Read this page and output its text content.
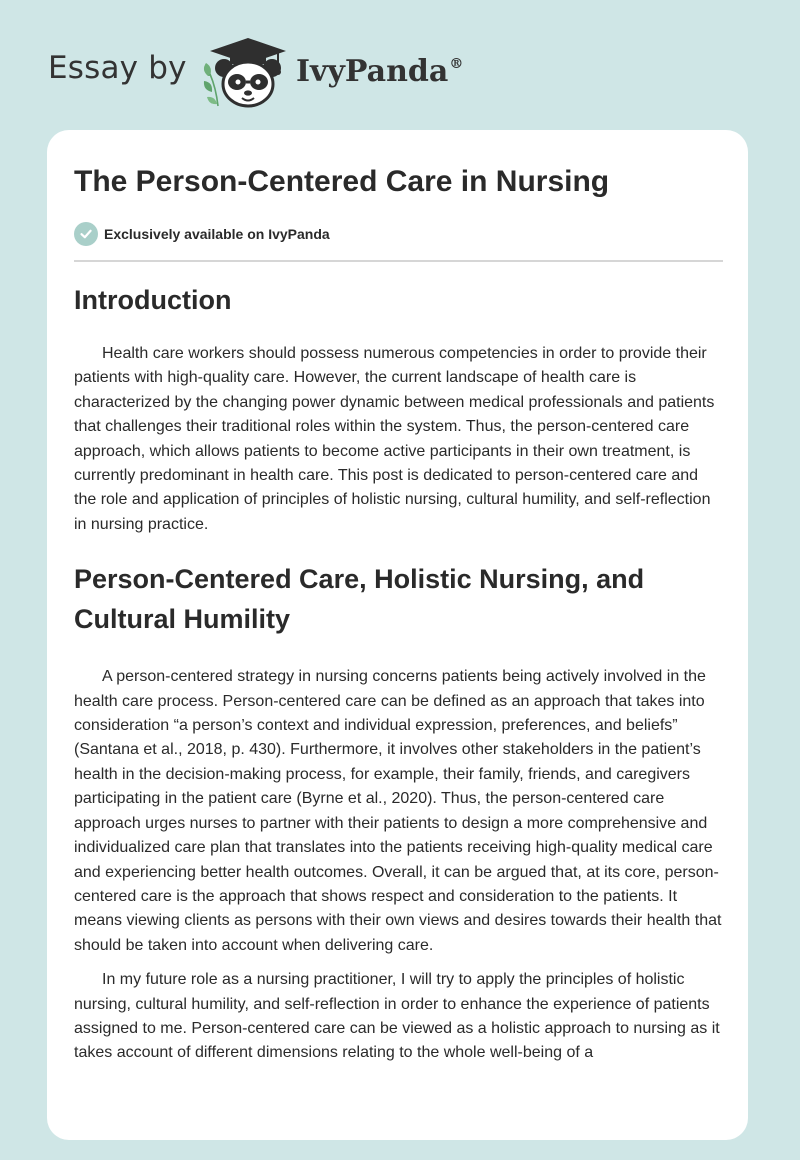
Essay by	IvyPanda®
The Person-Centered Care in Nursing
Exclusively available on IvyPanda
Introduction

Health care workers should possess numerous competencies in order to provide their patients with high-quality care. However, the current landscape of health care is characterized by the changing power dynamic between medical professionals and patients that challenges their traditional roles within the system. Thus, the person-centered care approach, which allows patients to become active participants in their own treatment, is currently predominant in health care. This post is dedicated to person-centered care and the role and application of principles of holistic nursing, cultural humility, and self-reflection in nursing practice.

Person-Centered Care, Holistic Nursing, and Cultural Humility

A person-centered strategy in nursing concerns patients being actively involved in the health care process. Person-centered care can be defined as an approach that takes into consideration “a person’s context and individual expression, preferences, and beliefs” (Santana et al., 2018, p. 430). Furthermore, it involves other stakeholders in the patient’s health in the decision-making process, for example, their family, friends, and caregivers participating in the patient care (Byrne et al., 2020). Thus, the person-centered care approach urges nurses to partner with their patients to design a more comprehensive and individualized care plan that translates into the patients receiving high-quality medical care and experiencing better health outcomes. Overall, it can be argued that, at its core, person-centered care is the approach that shows respect and consideration to the patients. It means viewing clients as persons with their own views and desires towards their health that should be taken into account when delivering care.

In my future role as a nursing practitioner, I will try to apply the principles of holistic nursing, cultural humility, and self-reflection in order to enhance the experience of patients assigned to me. Person-centered care can be viewed as a holistic approach to nursing as it takes account of different dimensions relating to the whole well-being of a
